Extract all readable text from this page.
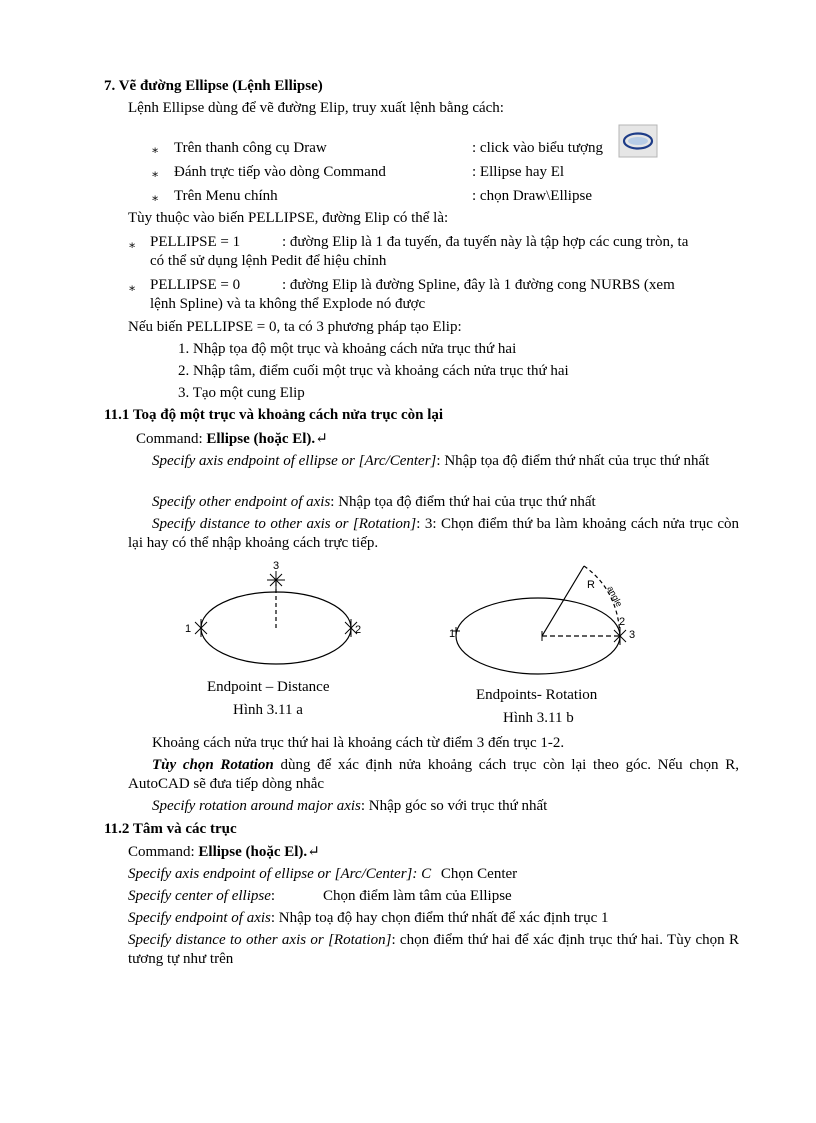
7. Vẽ đường Ellipse (Lệnh Ellipse)
Lệnh Ellipse dùng để vẽ đường Elip, truy xuất lệnh bằng cách:
∗ Trên thanh công cụ Draw	: click vào biểu tượng
∗ Đánh trực tiếp vào dòng Command	: Ellipse hay El
∗ Trên Menu chính	: chọn Draw\Ellipse
Tùy thuộc vào biến PELLIPSE, đường Elip có thể là:
∗ PELLIPSE = 1	: đường Elip là 1 đa tuyến, đa tuyến này là tập hợp các cung tròn, ta
có thể sử dụng lệnh Pedit để hiệu chỉnh
∗ PELLIPSE = 0	: đường Elip là đường Spline, đây là 1 đường cong NURBS (xem
lệnh Spline) và ta không thể Explode nó được
Nếu biến PELLIPSE = 0, ta có 3 phương pháp tạo Elip:
1. Nhập tọa độ một trục và khoảng cách nửa trục thứ hai
2. Nhập tâm, điểm cuối một trục và khoảng cách nửa trục thứ hai
3. Tạo một cung Elip
11.1 Toạ độ một trục và khoảng cách nửa trục còn lại
Command: Ellipse (hoặc El).↵
Specify axis endpoint of ellipse or [Arc/Center]: Nhập tọa độ điểm thứ nhất của trục thứ nhất
Specify other endpoint of axis: Nhập tọa độ điểm thứ hai của trục thứ nhất
Specify distance to other axis or [Rotation]: 3: Chọn điểm thứ ba làm khoảng cách nửa trục còn lại hay có thể nhập khoảng cách trực tiếp.
1	2
3
Endpoint – Distance
Hình 3.11 a
1
2
3
R angle
Endpoints- Rotation
Hình 3.11 b
Khoảng cách nửa trục thứ hai là khoảng cách từ điểm 3 đến trục 1-2.
Tùy chọn Rotation dùng để xác định nửa khoảng cách trục còn lại theo góc. Nếu chọn R, AutoCAD sẽ đưa tiếp dòng nhắc
Specify rotation around major axis: Nhập góc so với trục thứ nhất
11.2 Tâm và các trục
Command: Ellipse (hoặc El).↵
Specify axis endpoint of ellipse or [Arc/Center]: C Chọn Center
Specify center of ellipse:	Chọn điểm làm tâm của Ellipse
Specify endpoint of axis: Nhập toạ độ hay chọn điểm thứ nhất để xác định trục 1
Specify distance to other axis or [Rotation]: chọn điểm thứ hai để xác định trục thứ hai. Tùy chọn R tương tự như trên
